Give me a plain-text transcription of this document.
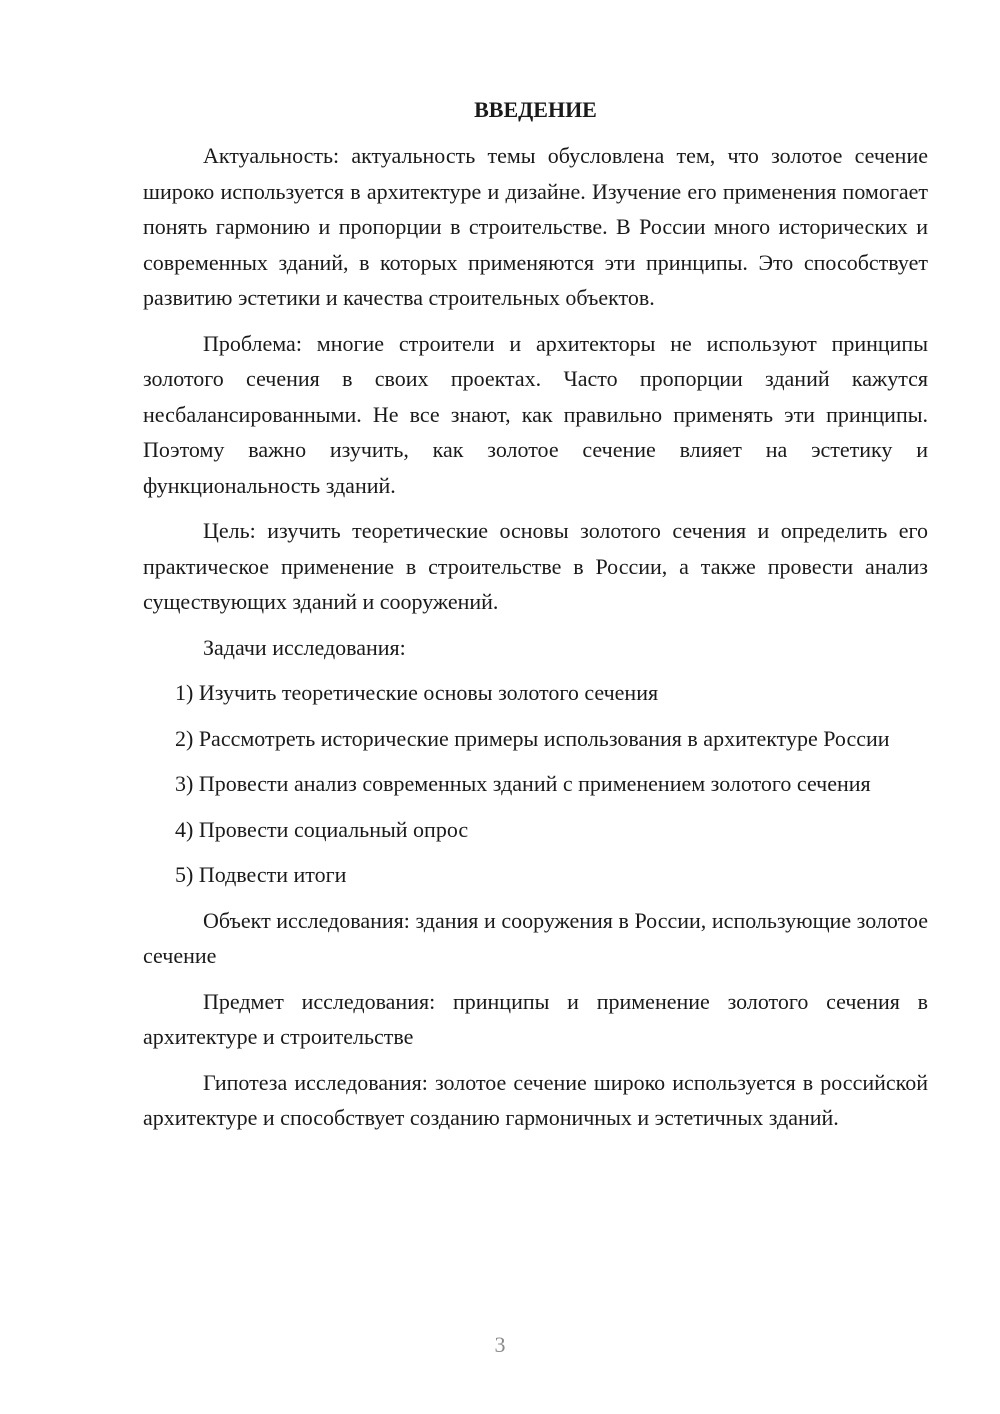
ВВЕДЕНИЕ

Актуальность: актуальность темы обусловлена тем, что золотое сечение широко используется в архитектуре и дизайне. Изучение его применения помогает понять гармонию и пропорции в строительстве. В России много исторических и современных зданий, в которых применяются эти принципы. Это способствует развитию эстетики и качества строительных объектов.

Проблема: многие строители и архитекторы не используют принципы золотого сечения в своих проектах. Часто пропорции зданий кажутся несбалансированными. Не все знают, как правильно применять эти принципы. Поэтому важно изучить, как золотое сечение влияет на эстетику и функциональность зданий.

Цель: изучить теоретические основы золотого сечения и определить его практическое применение в строительстве в России, а также провести анализ существующих зданий и сооружений.

Задачи исследования:

1) Изучить теоретические основы золотого сечения

2) Рассмотреть исторические примеры использования в архитектуре России

3) Провести анализ современных зданий с применением золотого сечения

4) Провести социальный опрос

5) Подвести итоги

Объект исследования: здания и сооружения в России, использующие золотое сечение

Предмет исследования: принципы и применение золотого сечения в архитектуре и строительстве

Гипотеза исследования: золотое сечение широко используется в российской архитектуре и способствует созданию гармоничных и эстетичных зданий.

3
